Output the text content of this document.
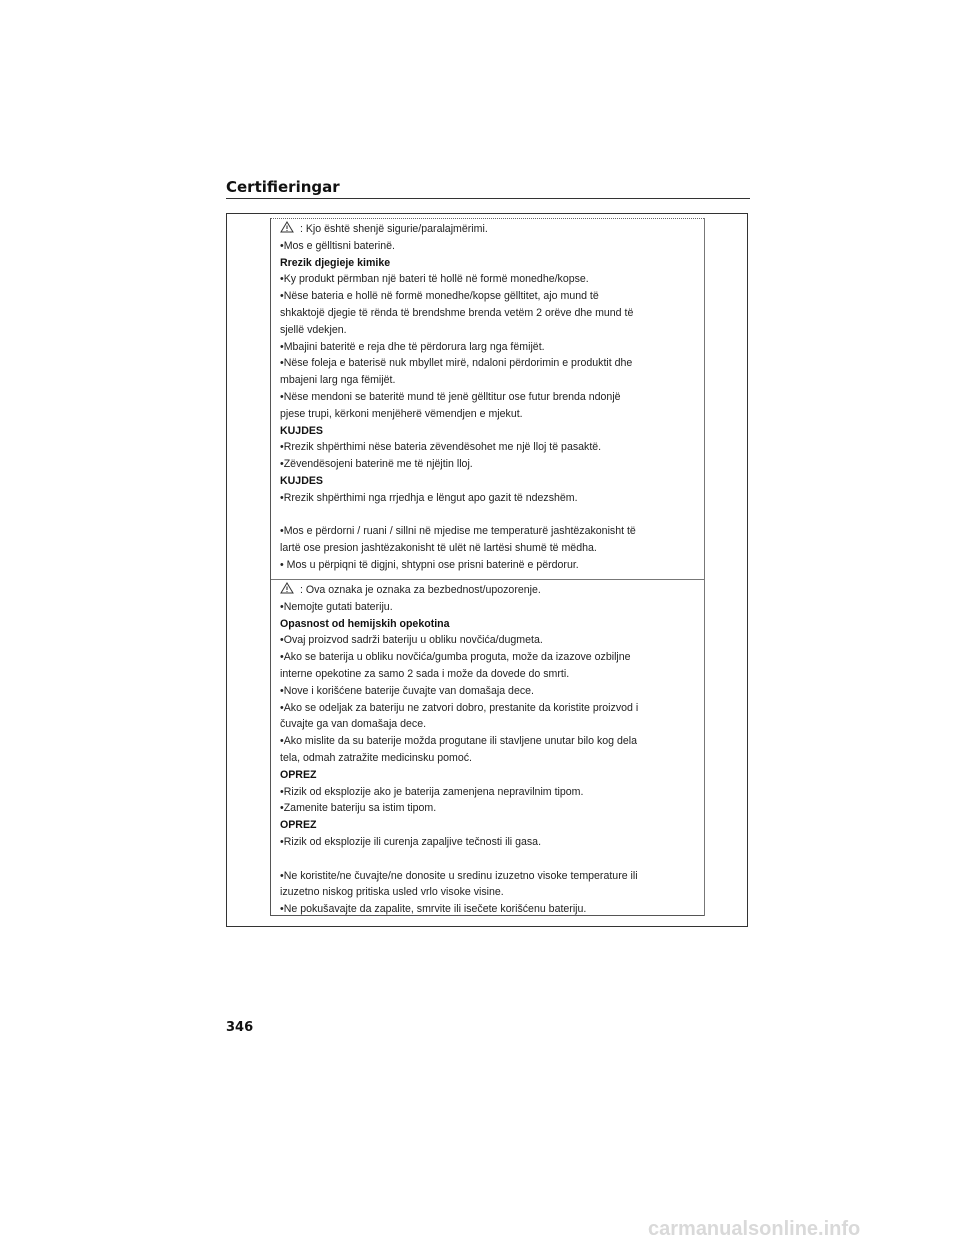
Certifieringar

: Kjo është shenjë sigurie/paralajmërimi.

•Mos e gëlltisni baterinë.

Rrezik djegieje kimike

•Ky produkt përmban një bateri të hollë në formë monedhe/kopse.

•Nëse bateria e hollë në formë monedhe/kopse gëlltitet, ajo mund të

shkaktojë djegie të rënda të brendshme brenda vetëm 2 orëve dhe mund të

sjellë vdekjen.

•Mbajini bateritë e reja dhe të përdorura larg nga fëmijët.

•Nëse foleja e baterisë nuk mbyllet mirë, ndaloni përdorimin e produktit dhe

mbajeni larg nga fëmijët.

•Nëse mendoni se bateritë mund të jenë gëlltitur ose futur brenda ndonjë

pjese trupi, kërkoni menjëherë vëmendjen e mjekut.

KUJDES

•Rrezik shpërthimi nëse bateria zëvendësohet me një lloj të pasaktë.

•Zëvendësojeni baterinë me të njëjtin lloj.

KUJDES

•Rrezik shpërthimi nga rrjedhja e lëngut apo gazit të ndezshëm.

•Mos e përdorni / ruani / sillni në mjedise me temperaturë jashtëzakonisht të

lartë ose presion jashtëzakonisht të ulët në lartësi shumë të mëdha.

• Mos u përpiqni të digjni, shtypni ose prisni baterinë e përdorur.

: Ova oznaka je oznaka za bezbednost/upozorenje.

•Nemojte gutati bateriju.

Opasnost od hemijskih opekotina

•Ovaj proizvod sadrži bateriju u obliku novčića/dugmeta.

•Ako se baterija u obliku novčića/gumba proguta, može da izazove ozbiljne

interne opekotine za samo 2 sada i može da dovede do smrti.

•Nove i korišćene baterije čuvajte van domašaja dece.

•Ako se odeljak za bateriju ne zatvori dobro, prestanite da koristite proizvod i

čuvajte ga van domašaja dece.

•Ako mislite da su baterije možda progutane ili stavljene unutar bilo kog dela

tela, odmah zatražite medicinsku pomoć.

OPREZ

•Rizik od eksplozije ako je baterija zamenjena nepravilnim tipom.

•Zamenite bateriju sa istim tipom.

OPREZ

•Rizik od eksplozije ili curenja zapaljive tečnosti ili gasa.

•Ne koristite/ne čuvajte/ne donosite u sredinu izuzetno visoke temperature ili

izuzetno niskog pritiska usled vrlo visoke visine.

•Ne pokušavajte da zapalite, smrvite ili isečete korišćenu bateriju.

346
carmanualsonline.info
